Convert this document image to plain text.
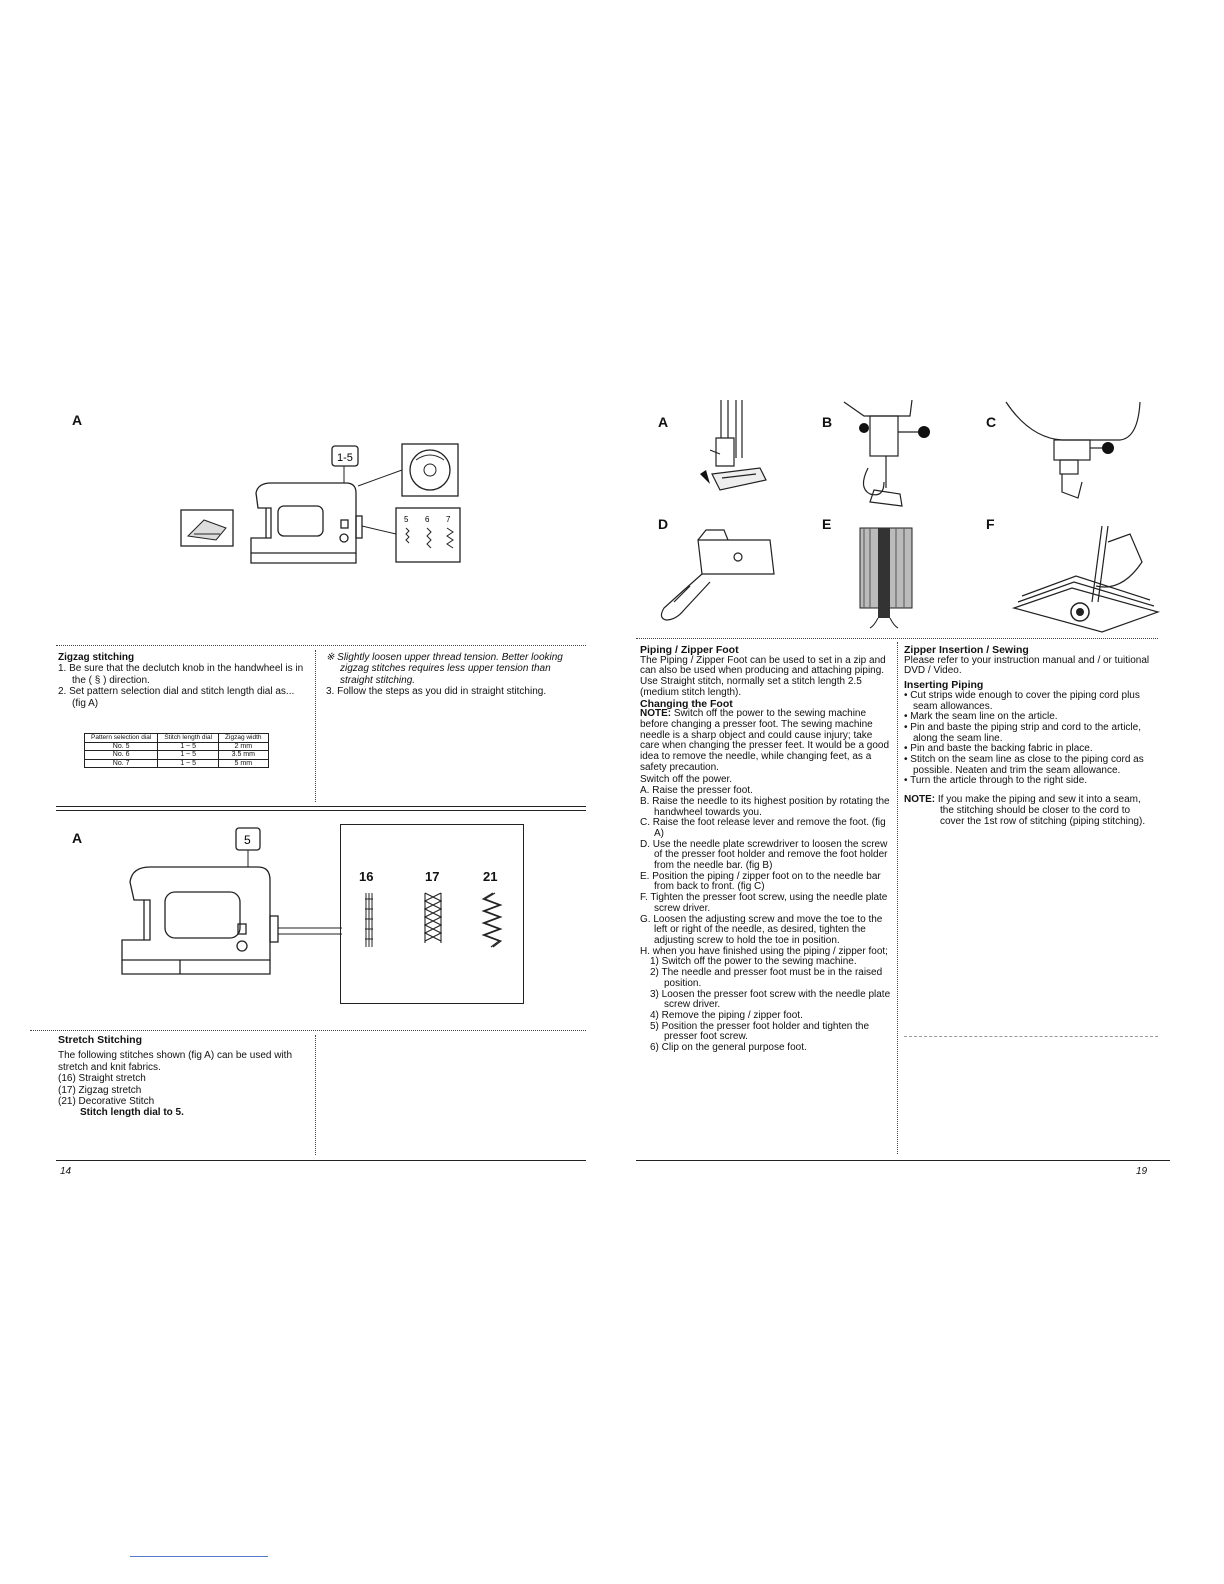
A
1-5
5 6 7
Zigzag stitching
1. Be sure that the declutch knob in the handwheel is in the ( § ) direction.
2. Set pattern selection dial and stitch length dial as... (fig A)
Pattern selection dial	Stitch length dial	Zigzag width
No. 5	1 ~ 5	2 mm
No. 6	1 ~ 5	3.5 mm
No. 7	1 ~ 5	5 mm
※ Slightly loosen upper thread tension. Better looking zigzag stitches requires less upper tension than straight stitching.
3. Follow the steps as you did in straight stitching.
A	5
16	17	21
Stretch Stitching
The following stitches shown (fig A) can be used with stretch and knit fabrics.
(16) Straight stretch
(17) Zigzag stretch
(21) Decorative Stitch
Stitch length dial to 5.
14
A	B	C
D	E	F
Piping / Zipper Foot
The Piping / Zipper Foot can be used to set in a zip and can also be used when producing and attaching piping.
Use Straight stitch, normally set a stitch length 2.5 (medium stitch length).
Changing the Foot
NOTE: Switch off the power to the sewing machine before changing a presser foot. The sewing machine needle is a sharp object and could cause injury; take care when changing the presser feet. It would be a good idea to remove the needle, while changing feet, as a safety precaution.
Switch off the power.
A. Raise the presser foot.
B. Raise the needle to its highest position by rotating the handwheel towards you.
C. Raise the foot release lever and remove the foot. (fig A)
D. Use the needle plate screwdriver to loosen the screw of the presser foot holder and remove the foot holder from the needle bar. (fig B)
E. Position the piping / zipper foot on to the needle bar from back to front. (fig C)
F. Tighten the presser foot screw, using the needle plate screw driver.
G. Loosen the adjusting screw and move the toe to the left or right of the needle, as desired, tighten the adjusting screw to hold the toe in position.
H. when you have finished using the piping / zipper foot;
1) Switch off the power to the sewing machine.
2) The needle and presser foot must be in the raised position.
3) Loosen the presser foot screw with the needle plate screw driver.
4) Remove the piping / zipper foot.
5) Position the presser foot holder and tighten the presser foot screw.
6) Clip on the general purpose foot.
Zipper Insertion / Sewing
Please refer to your instruction manual and / or tuitional DVD / Video.
Inserting Piping
• Cut strips wide enough to cover the piping cord plus seam allowances.
• Mark the seam line on the article.
• Pin and baste the piping strip and cord to the article, along the seam line.
• Pin and baste the backing fabric in place.
• Stitch on the seam line as close to the piping cord as possible. Neaten and trim the seam allowance.
• Turn the article through to the right side.
NOTE: If you make the piping and sew it into a seam, the stitching should be closer to the cord to cover the 1st row of stitching (piping stitching).
19
